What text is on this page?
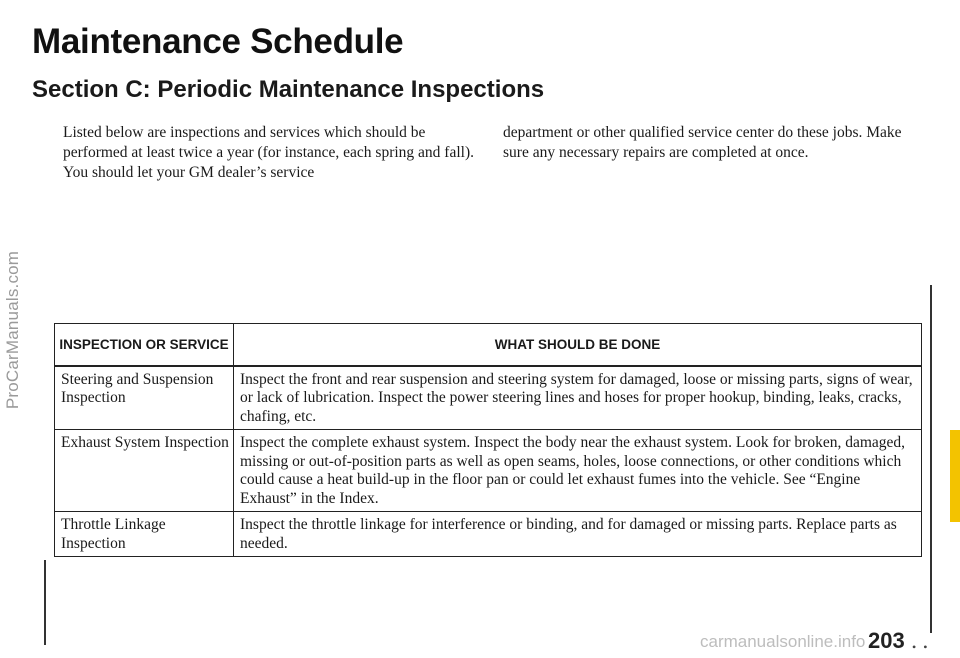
ProCarManuals.com
Maintenance Schedule
Section C: Periodic Maintenance Inspections

Listed below are inspections and services which should be performed at least twice a year (for instance, each spring and fall). You should let your GM dealer’s service

department or other qualified service center do these jobs. Make sure any necessary repairs are completed at once.

INSPECTION OR SERVICE	WHAT SHOULD BE DONE
Steering and Suspension Inspection	Inspect the front and rear suspension and steering system for damaged, loose or missing parts, signs of wear, or lack of lubrication. Inspect the power steering lines and hoses for proper hookup, binding, leaks, cracks, chafing, etc.
Exhaust System Inspection	Inspect the complete exhaust system. Inspect the body near the exhaust system. Look for broken, damaged, missing or out-of-position parts as well as open seams, holes, loose connections, or other conditions which could cause a heat build-up in the floor pan or could let exhaust fumes into the vehicle. See “Engine Exhaust” in the Index.
Throttle Linkage Inspection	Inspect the throttle linkage for interference or binding, and for damaged or missing parts. Replace parts as needed.
carmanualsonline.info 203 • •
